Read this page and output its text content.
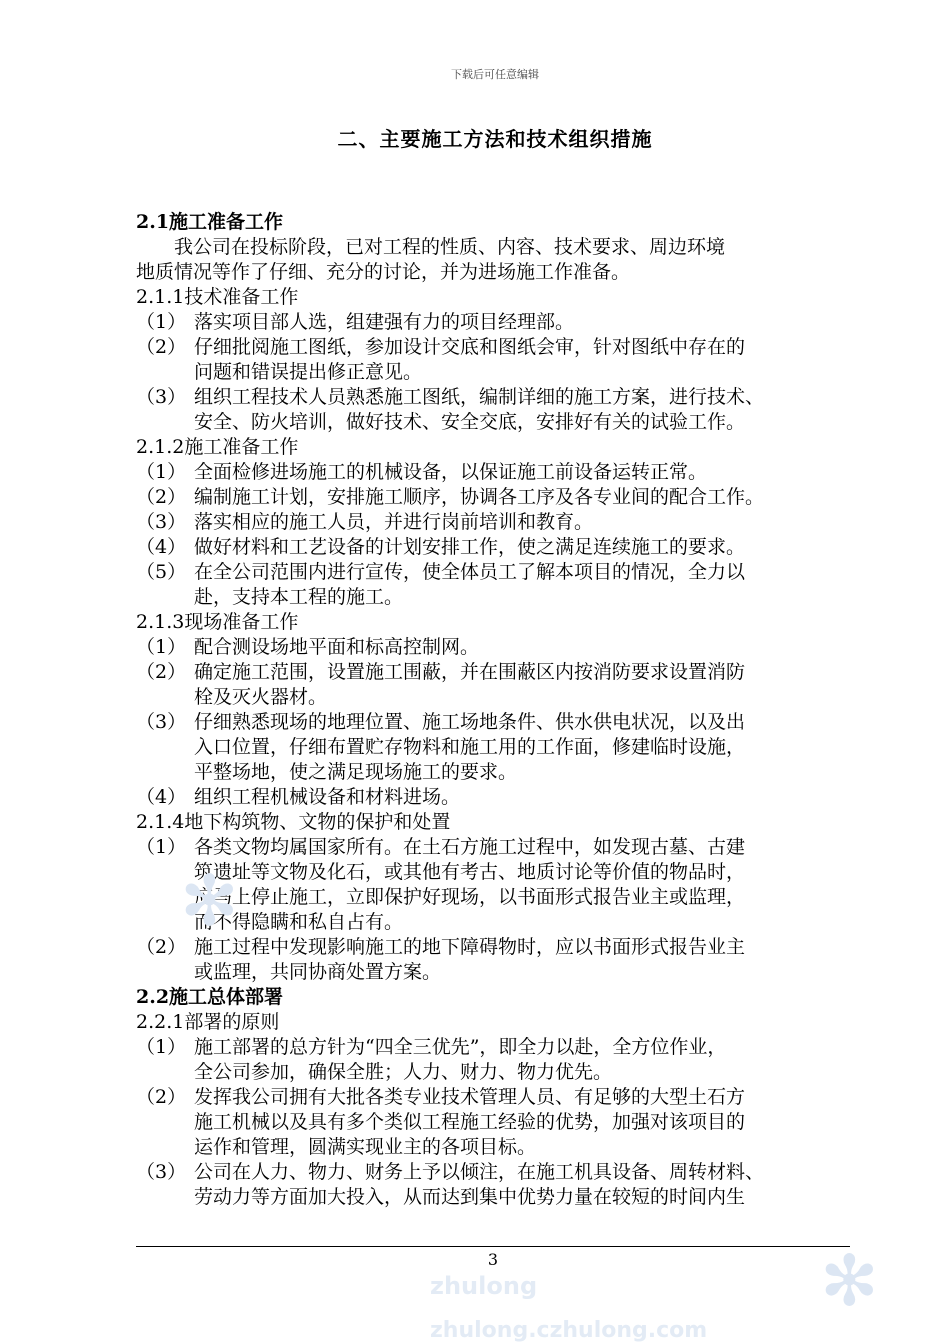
下载后可任意编辑
二、主要施工方法和技术组织措施
2.1施工准备工作
我公司在投标阶段，已对工程的性质、内容、技术要求、周边环境
地质情况等作了仔细、充分的讨论，并为进场施工作准备。
2.1.1技术准备工作
（1） 落实项目部人选，组建强有力的项目经理部。
（2） 仔细批阅施工图纸，参加设计交底和图纸会审，针对图纸中存在的
问题和错误提出修正意见。
（3） 组织工程技术人员熟悉施工图纸，编制详细的施工方案，进行技术、
安全、防火培训，做好技术、安全交底，安排好有关的试验工作。
2.1.2施工准备工作
（1） 全面检修进场施工的机械设备，以保证施工前设备运转正常。
（2） 编制施工计划，安排施工顺序，协调各工序及各专业间的配合工作。
（3） 落实相应的施工人员，并进行岗前培训和教育。
（4） 做好材料和工艺设备的计划安排工作，使之满足连续施工的要求。
（5） 在全公司范围内进行宣传，使全体员工了解本项目的情况，全力以
赴，支持本工程的施工。
2.1.3现场准备工作
（1） 配合测设场地平面和标高控制网。
（2） 确定施工范围，设置施工围蔽，并在围蔽区内按消防要求设置消防
栓及灭火器材。
（3） 仔细熟悉现场的地理位置、施工场地条件、供水供电状况，以及出
入口位置，仔细布置贮存物料和施工用的工作面，修建临时设施，
平整场地，使之满足现场施工的要求。
（4） 组织工程机械设备和材料进场。
2.1.4地下构筑物、文物的保护和处置
（1） 各类文物均属国家所有。在土石方施工过程中，如发现古墓、古建
筑遗址等文物及化石，或其他有考古、地质讨论等价值的物品时，
应马上停止施工，立即保护好现场，以书面形式报告业主或监理，
而不得隐瞒和私自占有。
（2） 施工过程中发现影响施工的地下障碍物时，应以书面形式报告业主
或监理，共同协商处置方案。
2.2施工总体部署
2.2.1部署的原则
（1） 施工部署的总方针为“四全三优先”，即全力以赴，全方位作业，
全公司参加，确保全胜；人力、财力、物力优先。
（2） 发挥我公司拥有大批各类专业技术管理人员、有足够的大型土石方
施工机械以及具有多个类似工程施工经验的优势，加强对该项目的
运作和管理，圆满实现业主的各项目标。
（3） 公司在人力、物力、财务上予以倾注，在施工机具设备、周转材料、
劳动力等方面加大投入，从而达到集中优势力量在较短的时间内生
3
✻
✻
zhulong
zhulong.czhulong.com
